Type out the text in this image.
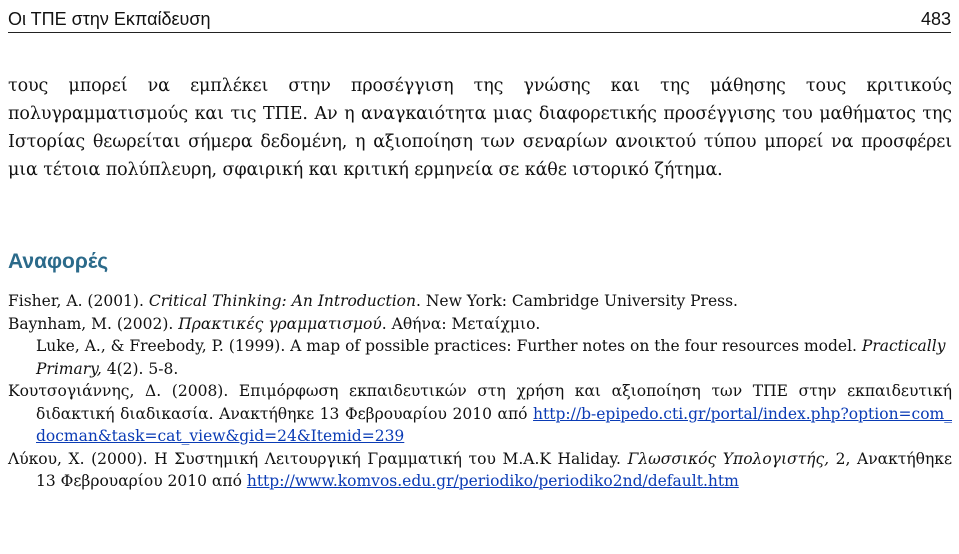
Οι ΤΠΕ στην Εκπαίδευση	483

τους μπορεί να εμπλέκει στην προσέγγιση της γνώσης και της μάθησης τους κριτικούς πολυγραμματισμούς και τις ΤΠΕ. Αν η αναγκαιότητα μιας διαφορετικής προσέγγισης του μαθήματος της Ιστορίας θεωρείται σήμερα δεδομένη, η αξιοποίηση των σεναρίων ανοικτού τύπου μπορεί να προσφέρει μια τέτοια πολύπλευρη, σφαιρική και κριτική ερμηνεία σε κάθε ιστορικό ζήτημα.

Αναφορές
Fisher, A. (2001). Critical Thinking: An Introduction. New York: Cambridge University Press.
Baynham, M. (2002). Πρακτικές γραμματισμού. Αθήνα: Μεταίχμιο.
Luke, A., & Freebody, P. (1999). A map of possible practices: Further notes on the four resources model. Practically Primary, 4(2). 5-8.
Κουτσογιάννης, Δ. (2008). Επιμόρφωση εκπαιδευτικών στη χρήση και αξιοποίηση των ΤΠΕ στην εκπαιδευτική διδακτική διαδικασία. Ανακτήθηκε 13 Φεβρουαρίου 2010 από http://b-epipedo.cti.gr/portal/index.php?option=com_docman&task=cat_view&gid=24&Itemid=239
Λύκου, Χ. (2000). Η Συστημική Λειτουργική Γραμματική του M.A.K Haliday. Γλωσσικός Υπολογιστής, 2, Ανακτήθηκε 13 Φεβρουαρίου 2010 από http://www.komvos.edu.gr/periodiko/periodiko2nd/default.htm
